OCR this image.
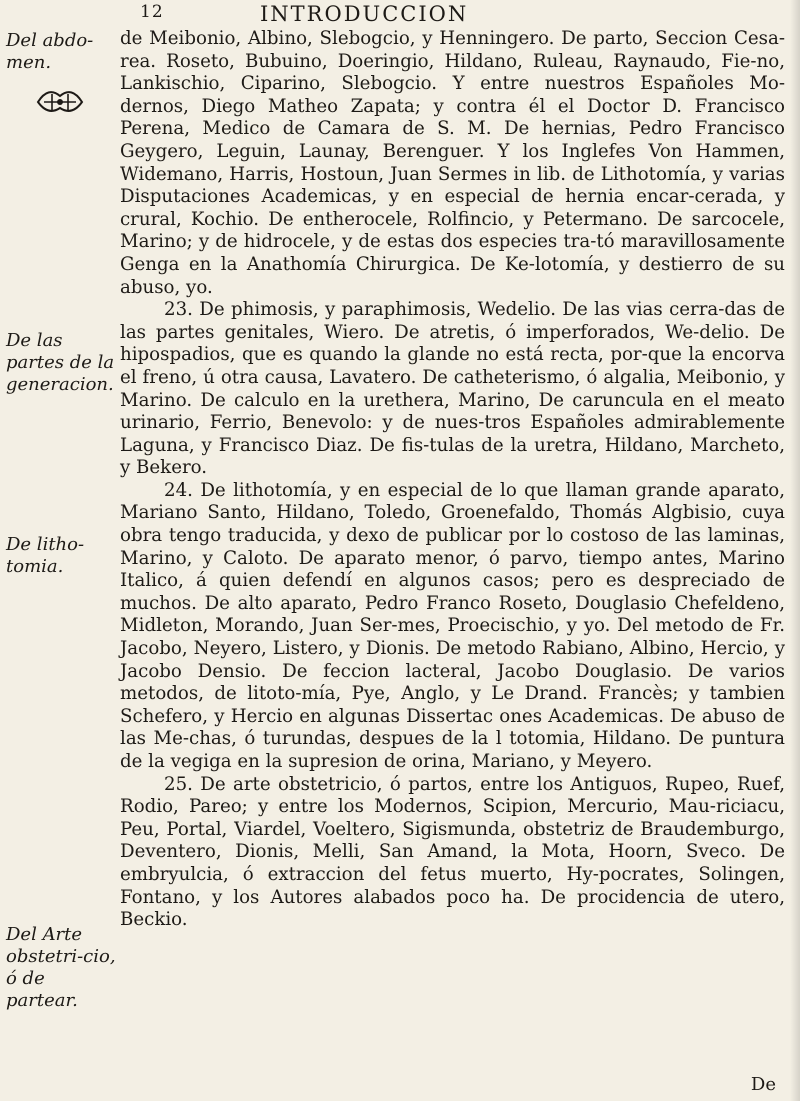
12	INTRODUCCION
Del abdo-men.
De las partes de la generacion.
De litho-tomia.
Del Arte obstetri-cio, ó de partear.

de Meibonio, Albino, Slebogcio, y Henningero. De parto, Seccion Cesa-rea. Roseto, Bubuino, Doeringio, Hildano, Ruleau, Raynaudo, Fie-no, Lankischio, Ciparino, Slebogcio. Y entre nuestros Españoles Mo-dernos, Diego Matheo Zapata; y contra él el Doctor D. Francisco Perena, Medico de Camara de S. M. De hernias, Pedro Francisco Geygero, Leguin, Launay, Berenguer. Y los Inglefes Von Hammen, Widemano, Harris, Hostoun, Juan Sermes in lib. de Lithotomía, y varias Disputaciones Academicas, y en especial de hernia encar-cerada, y crural, Kochio. De entherocele, Rolfincio, y Petermano. De sarcocele, Marino; y de hidrocele, y de estas dos especies tra-tó maravillosamente Genga en la Anathomía Chirurgica. De Ke-lotomía, y destierro de su abuso, yo.

23. De phimosis, y paraphimosis, Wedelio. De las vias cerra-das de las partes genitales, Wiero. De atretis, ó imperforados, We-delio. De hipospadios, que es quando la glande no está recta, por-que la encorva el freno, ú otra causa, Lavatero. De catheterismo, ó algalia, Meibonio, y Marino. De calculo en la urethera, Marino, De caruncula en el meato urinario, Ferrio, Benevolo: y de nues-tros Españoles admirablemente Laguna, y Francisco Diaz. De fis-tulas de la uretra, Hildano, Marcheto, y Bekero.

24. De lithotomía, y en especial de lo que llaman grande aparato, Mariano Santo, Hildano, Toledo, Groenefaldo, Thomás Algbisio, cuya obra tengo traducida, y dexo de publicar por lo costoso de las laminas, Marino, y Caloto. De aparato menor, ó parvo, tiempo antes, Marino Italico, á quien defendí en algunos casos; pero es despreciado de muchos. De alto aparato, Pedro Franco Roseto, Douglasio Chefeldeno, Midleton, Morando, Juan Ser-mes, Proecischio, y yo. Del metodo de Fr. Jacobo, Neyero, Listero, y Dionis. De metodo Rabiano, Albino, Hercio, y Jacobo Densio. De feccion lacteral, Jacobo Douglasio. De varios metodos, de litoto-mía, Pye, Anglo, y Le Drand. Francès; y tambien Schefero, y Hercio en algunas Dissertac ones Academicas. De abuso de las Me-chas, ó turundas, despues de la l totomia, Hildano. De puntura de la vegiga en la supresion de orina, Mariano, y Meyero.

25. De arte obstetricio, ó partos, entre los Antiguos, Rupeo, Ruef, Rodio, Pareo; y entre los Modernos, Scipion, Mercurio, Mau-riciacu, Peu, Portal, Viardel, Voeltero, Sigismunda, obstetriz de Braudemburgo, Deventero, Dionis, Melli, San Amand, la Mota, Hoorn, Sveco. De embryulcia, ó extraccion del fetus muerto, Hy-pocrates, Solingen, Fontano, y los Autores alabados poco ha. De procidencia de utero, Beckio.

De
